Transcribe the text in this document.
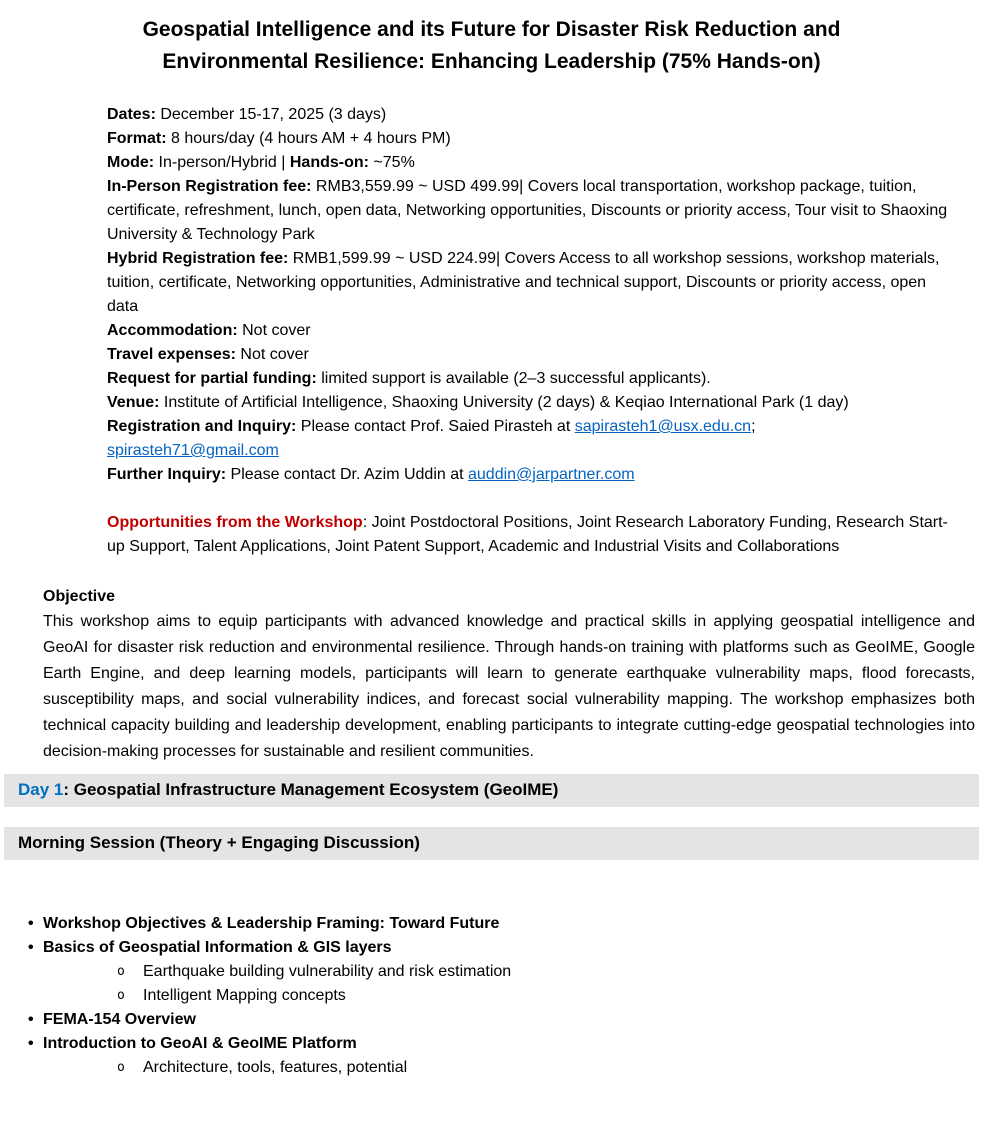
Geospatial Intelligence and its Future for Disaster Risk Reduction and
Environmental Resilience: Enhancing Leadership (75% Hands-on)

Dates: December 15-17, 2025 (3 days)

Format: 8 hours/day (4 hours AM + 4 hours PM)

Mode: In-person/Hybrid | Hands-on: ~75%

In-Person Registration fee: RMB3,559.99 ~ USD 499.99| Covers local transportation, workshop package, tuition, certificate, refreshment, lunch, open data, Networking opportunities, Discounts or priority access, Tour visit to Shaoxing University & Technology Park

Hybrid Registration fee: RMB1,599.99 ~ USD 224.99| Covers Access to all workshop sessions, workshop materials, tuition, certificate, Networking opportunities, Administrative and technical support, Discounts or priority access, open data

Accommodation: Not cover

Travel expenses: Not cover

Request for partial funding: limited support is available (2–3 successful applicants).

Venue: Institute of Artificial Intelligence, Shaoxing University (2 days) & Keqiao International Park (1 day)

Registration and Inquiry: Please contact Prof. Saied Pirasteh at sapirasteh1@usx.edu.cn;
spirasteh71@gmail.com

Further Inquiry: Please contact Dr. Azim Uddin at auddin@jarpartner.com

Opportunities from the Workshop: Joint Postdoctoral Positions, Joint Research Laboratory Funding, Research Start-up Support, Talent Applications, Joint Patent Support, Academic and Industrial Visits and Collaborations
Objective
This workshop aims to equip participants with advanced knowledge and practical skills in applying geospatial intelligence and GeoAI for disaster risk reduction and environmental resilience. Through hands-on training with platforms such as GeoIME, Google Earth Engine, and deep learning models, participants will learn to generate earthquake vulnerability maps, flood forecasts, susceptibility maps, and social vulnerability indices, and forecast social vulnerability mapping. The workshop emphasizes both technical capacity building and leadership development, enabling participants to integrate cutting-edge geospatial technologies into decision-making processes for sustainable and resilient communities.
Day 1: Geospatial Infrastructure Management Ecosystem (GeoIME)
Morning Session (Theory + Engaging Discussion)
• Workshop Objectives & Leadership Framing: Toward Future
• Basics of Geospatial Information & GIS layers
o Earthquake building vulnerability and risk estimation
o Intelligent Mapping concepts
• FEMA-154 Overview
• Introduction to GeoAI & GeoIME Platform
o Architecture, tools, features, potential
